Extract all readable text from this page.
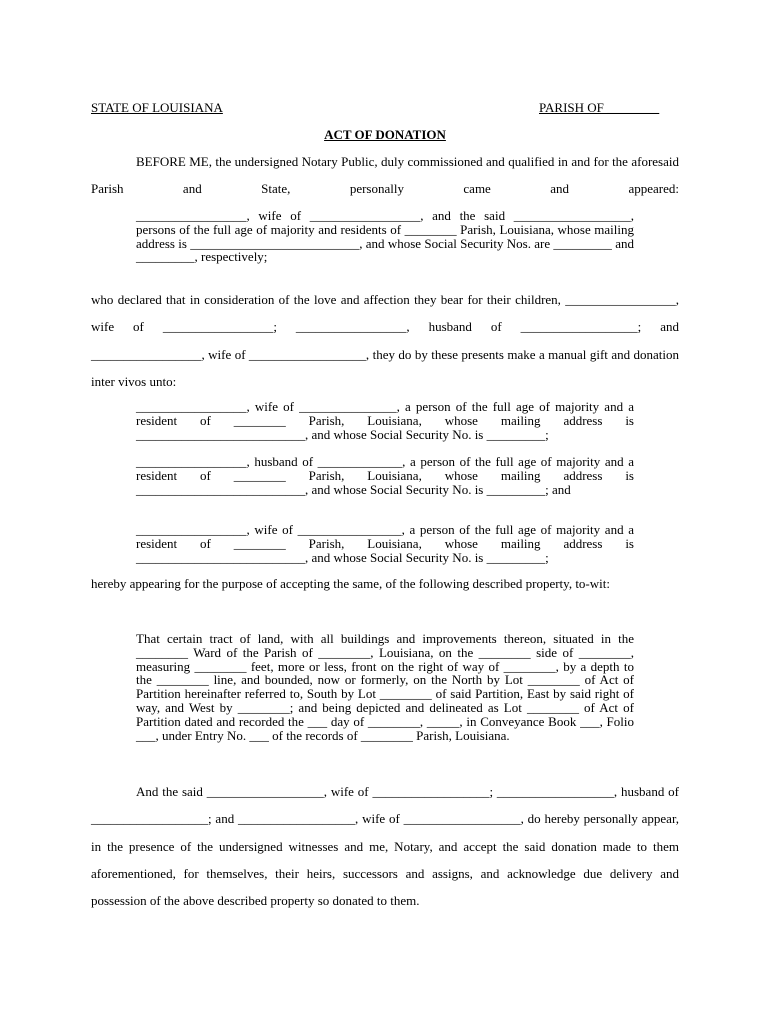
STATE OF LOUISIANA	PARISH OF ________
ACT OF DONATION

BEFORE ME, the undersigned Notary Public, duly commissioned and qualified in and for the aforesaid Parish and State, personally came and appeared:

_________________, wife of _________________, and the said __________________, persons of the full age of majority and residents of ________ Parish, Louisiana, whose mailing address is __________________________, and whose Social Security Nos. are _________ and _________, respectively;

who declared that in consideration of the love and affection they bear for their children, _________________, wife of _________________; _________________, husband of __________________; and _________________, wife of __________________, they do by these presents make a manual gift and donation inter vivos unto:

_________________, wife of _______________, a person of the full age of majority and a resident of ________ Parish, Louisiana, whose mailing address is __________________________, and whose Social Security No. is _________;

_________________, husband of _____________, a person of the full age of majority and a resident of ________ Parish, Louisiana, whose mailing address is __________________________, and whose Social Security No. is _________; and

_________________, wife of ________________, a person of the full age of majority and a resident of ________ Parish, Louisiana, whose mailing address is __________________________, and whose Social Security No. is _________;

hereby appearing for the purpose of accepting the same, of the following described property, to-wit:

That certain tract of land, with all buildings and improvements thereon, situated in the ________ Ward of the Parish of ________, Louisiana, on the ________ side of ________, measuring ________ feet, more or less, front on the right of way of ________, by a depth to the ________ line, and bounded, now or formerly, on the North by Lot ________ of Act of Partition hereinafter referred to, South by Lot ________ of said Partition, East by said right of way, and West by ________; and being depicted and delineated as Lot ________ of Act of Partition dated and recorded the ___ day of ________, _____, in Conveyance Book ___, Folio ___, under Entry No. ___ of the records of ________ Parish, Louisiana.

And the said __________________, wife of __________________; __________________, husband of __________________; and __________________, wife of __________________, do hereby personally appear, in the presence of the undersigned witnesses and me, Notary, and accept the said donation made to them aforementioned, for themselves, their heirs, successors and assigns, and acknowledge due delivery and possession of the above described property so donated to them.
